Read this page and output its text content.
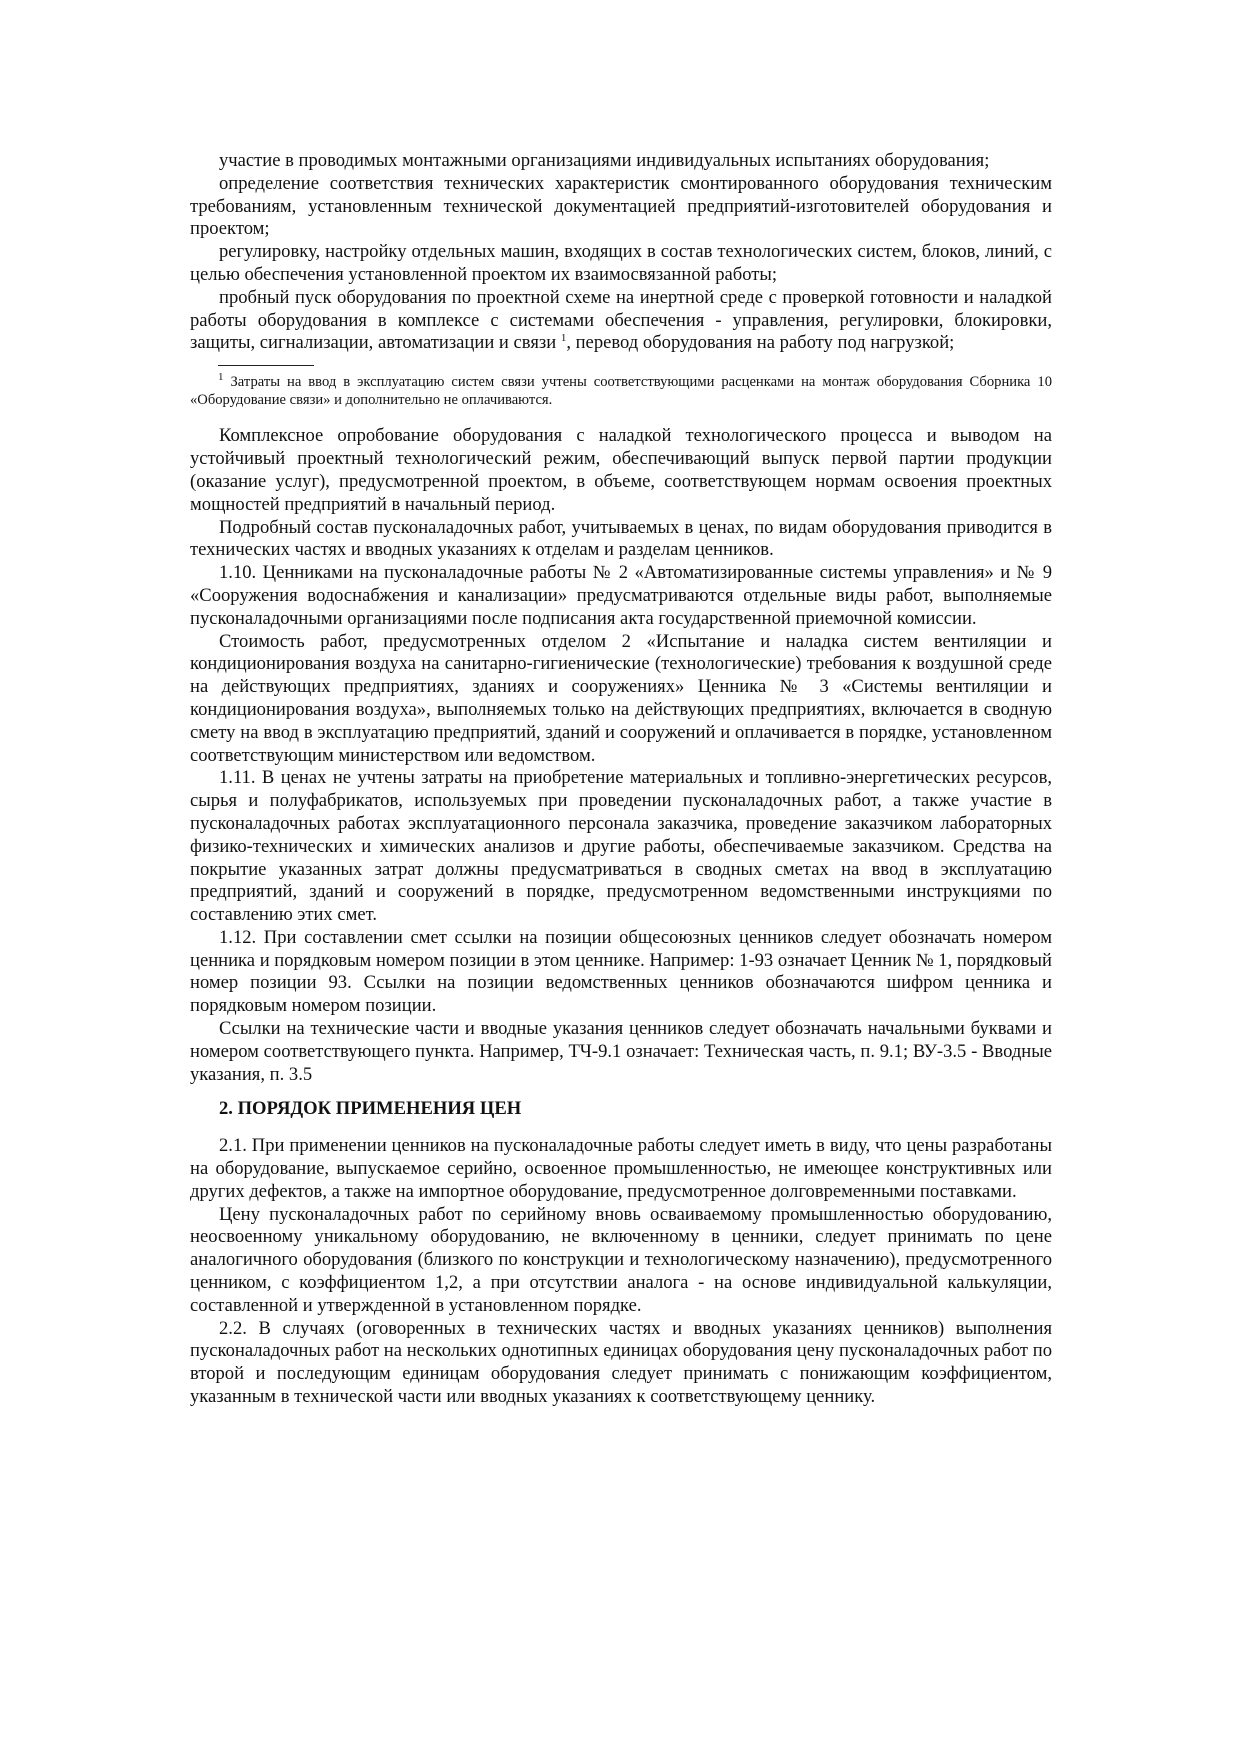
участие в проводимых монтажными организациями индивидуальных испытаниях оборудования;

определение соответствия технических характеристик смонтированного оборудования техническим требованиям, установленным технической документацией предприятий-изготовителей оборудования и проектом;

регулировку, настройку отдельных машин, входящих в состав технологических систем, блоков, линий, с целью обеспечения установленной проектом их взаимосвязанной работы;

пробный пуск оборудования по проектной схеме на инертной среде с проверкой готовности и наладкой работы оборудования в комплексе с системами обеспечения - управления, регулировки, блокировки, защиты, сигнализации, автоматизации и связи $^1$, перевод оборудования на работу под нагрузкой;

$^1$ Затраты на ввод в эксплуатацию систем связи учтены соответствующими расценками на монтаж оборудования Сборника 10 «Оборудование связи» и дополнительно не оплачиваются.

Комплексное опробование оборудования с наладкой технологического процесса и выводом на устойчивый проектный технологический режим, обеспечивающий выпуск первой партии продукции (оказание услуг), предусмотренной проектом, в объеме, соответствующем нормам освоения проектных мощностей предприятий в начальный период.

Подробный состав пусконаладочных работ, учитываемых в ценах, по видам оборудования приводится в технических частях и вводных указаниях к отделам и разделам ценников.

1.10. Ценниками на пусконаладочные работы № 2 «Автоматизированные системы управления» и № 9 «Сооружения водоснабжения и канализации» предусматриваются отдельные виды работ, выполняемые пусконаладочными организациями после подписания акта государственной приемочной комиссии.

Стоимость работ, предусмотренных отделом 2 «Испытание и наладка систем вентиляции и кондиционирования воздуха на санитарно-гигиенические (технологические) требования к воздушной среде на действующих предприятиях, зданиях и сооружениях» Ценника № 3 «Системы вентиляции и кондиционирования воздуха», выполняемых только на действующих предприятиях, включается в сводную смету на ввод в эксплуатацию предприятий, зданий и сооружений и оплачивается в порядке, установленном соответствующим министерством или ведомством.

1.11. В ценах не учтены затраты на приобретение материальных и топливно-энергетических ресурсов, сырья и полуфабрикатов, используемых при проведении пусконаладочных работ, а также участие в пусконаладочных работах эксплуатационного персонала заказчика, проведение заказчиком лабораторных физико-технических и химических анализов и другие работы, обеспечиваемые заказчиком. Средства на покрытие указанных затрат должны предусматриваться в сводных сметах на ввод в эксплуатацию предприятий, зданий и сооружений в порядке, предусмотренном ведомственными инструкциями по составлению этих смет.

1.12. При составлении смет ссылки на позиции общесоюзных ценников следует обозначать номером ценника и порядковым номером позиции в этом ценнике. Например: 1-93 означает Ценник № 1, порядковый номер позиции 93. Ссылки на позиции ведомственных ценников обозначаются шифром ценника и порядковым номером позиции.

Ссылки на технические части и вводные указания ценников следует обозначать начальными буквами и номером соответствующего пункта. Например, ТЧ-9.1 означает: Техническая часть, п. 9.1; ВУ-3.5 - Вводные указания, п. 3.5

2. ПОРЯДОК ПРИМЕНЕНИЯ ЦЕН

2.1. При применении ценников на пусконаладочные работы следует иметь в виду, что цены разработаны на оборудование, выпускаемое серийно, освоенное промышленностью, не имеющее конструктивных или других дефектов, а также на импортное оборудование, предусмотренное долговременными поставками.

Цену пусконаладочных работ по серийному вновь осваиваемому промышленностью оборудованию, неосвоенному уникальному оборудованию, не включенному в ценники, следует принимать по цене аналогичного оборудования (близкого по конструкции и технологическому назначению), предусмотренного ценником, с коэффициентом 1,2, а при отсутствии аналога - на основе индивидуальной калькуляции, составленной и утвержденной в установленном порядке.

2.2. В случаях (оговоренных в технических частях и вводных указаниях ценников) выполнения пусконаладочных работ на нескольких однотипных единицах оборудования цену пусконаладочных работ по второй и последующим единицам оборудования следует принимать с понижающим коэффициентом, указанным в технической части или вводных указаниях к соответствующему ценнику.
